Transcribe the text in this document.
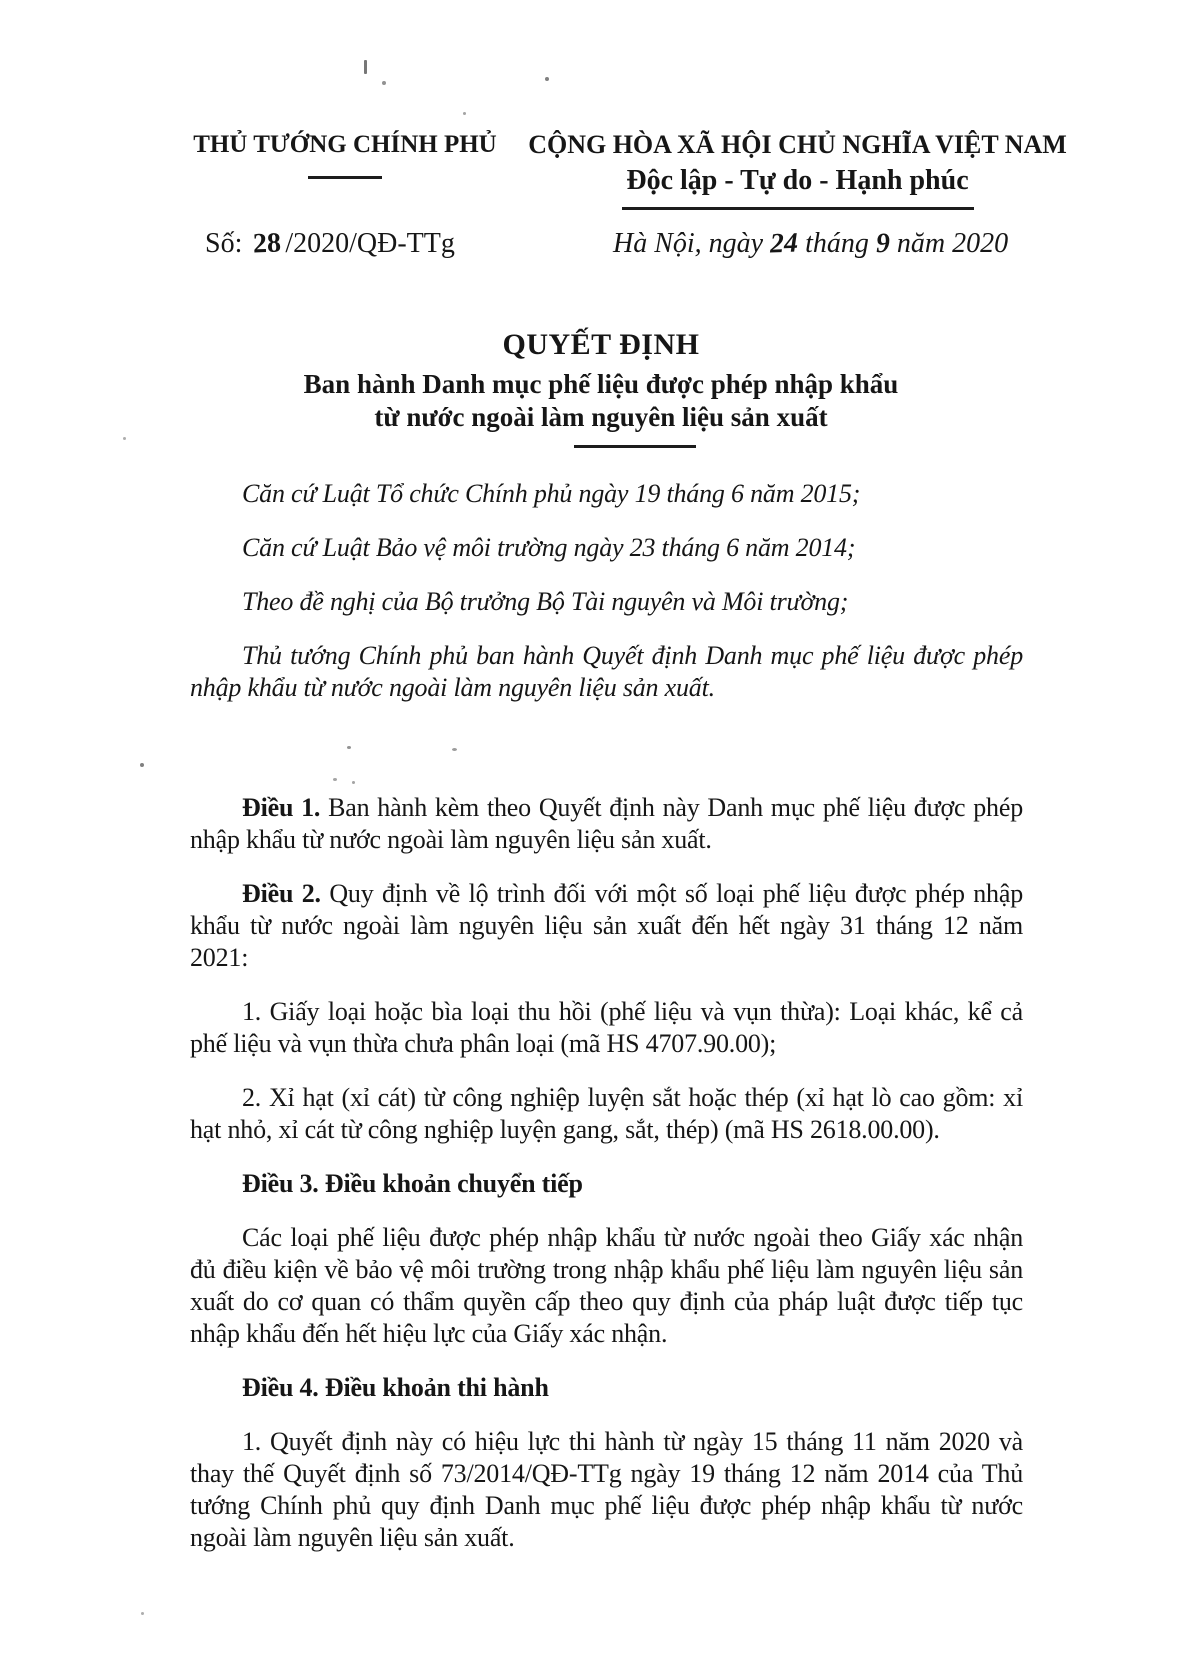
THỦ TƯỚNG CHÍNH PHỦ	CỘNG HÒA XÃ HỘI CHỦ NGHĨA VIỆT NAM
Độc lập - Tự do - Hạnh phúc
Số: 28 /2020/QĐ-TTg	Hà Nội, ngày 24 tháng 9 năm 2020
QUYẾT ĐỊNH
Ban hành Danh mục phế liệu được phép nhập khẩu
từ nước ngoài làm nguyên liệu sản xuất

Căn cứ Luật Tổ chức Chính phủ ngày 19 tháng 6 năm 2015;

Căn cứ Luật Bảo vệ môi trường ngày 23 tháng 6 năm 2014;

Theo đề nghị của Bộ trưởng Bộ Tài nguyên và Môi trường;

Thủ tướng Chính phủ ban hành Quyết định Danh mục phế liệu được phép nhập khẩu từ nước ngoài làm nguyên liệu sản xuất.

Điều 1. Ban hành kèm theo Quyết định này Danh mục phế liệu được phép nhập khẩu từ nước ngoài làm nguyên liệu sản xuất.

Điều 2. Quy định về lộ trình đối với một số loại phế liệu được phép nhập khẩu từ nước ngoài làm nguyên liệu sản xuất đến hết ngày 31 tháng 12 năm 2021:

1. Giấy loại hoặc bìa loại thu hồi (phế liệu và vụn thừa): Loại khác, kể cả phế liệu và vụn thừa chưa phân loại (mã HS 4707.90.00);

2. Xỉ hạt (xỉ cát) từ công nghiệp luyện sắt hoặc thép (xỉ hạt lò cao gồm: xỉ hạt nhỏ, xỉ cát từ công nghiệp luyện gang, sắt, thép) (mã HS 2618.00.00).

Điều 3. Điều khoản chuyển tiếp

Các loại phế liệu được phép nhập khẩu từ nước ngoài theo Giấy xác nhận đủ điều kiện về bảo vệ môi trường trong nhập khẩu phế liệu làm nguyên liệu sản xuất do cơ quan có thẩm quyền cấp theo quy định của pháp luật được tiếp tục nhập khẩu đến hết hiệu lực của Giấy xác nhận.

Điều 4. Điều khoản thi hành

1. Quyết định này có hiệu lực thi hành từ ngày 15 tháng 11 năm 2020 và thay thế Quyết định số 73/2014/QĐ-TTg ngày 19 tháng 12 năm 2014 của Thủ tướng Chính phủ quy định Danh mục phế liệu được phép nhập khẩu từ nước ngoài làm nguyên liệu sản xuất.
